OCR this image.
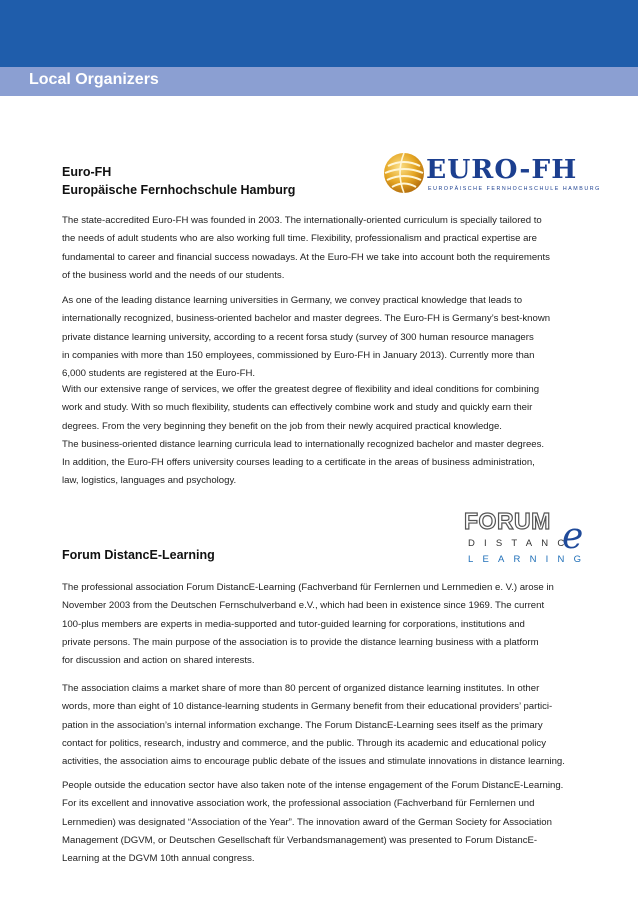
Local Organizers
Euro-FH
Europäische Fernhochschule Hamburg
EURO-FH
EUROPÄISCHE FERNHOCHSCHULE HAMBURG
The state-accredited Euro-FH was founded in 2003. The internationally-oriented curriculum is specially tailored to
the needs of adult students who are also working full time. Flexibility, professionalism and practical expertise are
fundamental to career and financial success nowadays. At the Euro-FH we take into account both the requirements
of the business world and the needs of our students.
As one of the leading distance learning universities in Germany, we convey practical knowledge that leads to
internationally recognized, business-oriented bachelor and master degrees. The Euro-FH is Germany’s best-known
private distance learning university, according to a recent forsa study (survey of 300 human resource managers
in companies with more than 150 employees, commissioned by Euro-FH in January 2013). Currently more than
6,000 students are registered at the Euro-FH.
With our extensive range of services, we offer the greatest degree of flexibility and ideal conditions for combining
work and study. With so much flexibility, students can effectively combine work and study and quickly earn their
degrees. From the very beginning they benefit on the job from their newly acquired practical knowledge.
The business-oriented distance learning curricula lead to internationally recognized bachelor and master degrees.
In addition, the Euro-FH offers university courses leading to a certificate in the areas of business administration,
law, logistics, languages and psychology.
FORUM
DISTANC
LEARNING
e
Forum DistancE-Learning
The professional association Forum DistancE-Learning (Fachverband für Fernlernen und Lernmedien e. V.) arose in
November 2003 from the Deutschen Fernschulverband e.V., which had been in existence since 1969. The current
100-plus members are experts in media-supported and tutor-guided learning for corporations, institutions and
private persons. The main purpose of the association is to provide the distance learning business with a platform
for discussion and action on shared interests.
The association claims a market share of more than 80 percent of organized distance learning institutes. In other
words, more than eight of 10 distance-learning students in Germany benefit from their educational providers’ partici-
pation in the association’s internal information exchange. The Forum DistancE-Learning sees itself as the primary
contact for politics, research, industry and commerce, and the public. Through its academic and educational policy
activities, the association aims to encourage public debate of the issues and stimulate innovations in distance learning.
People outside the education sector have also taken note of the intense engagement of the Forum DistancE-Learning.
For its excellent and innovative association work, the professional association (Fachverband für Fernlernen und
Lernmedien) was designated “Association of the Year”. The innovation award of the German Society for Association
Management (DGVM, or Deutschen Gesellschaft für Verbandsmanagement) was presented to Forum DistancE-
Learning at the DGVM 10th annual congress.
